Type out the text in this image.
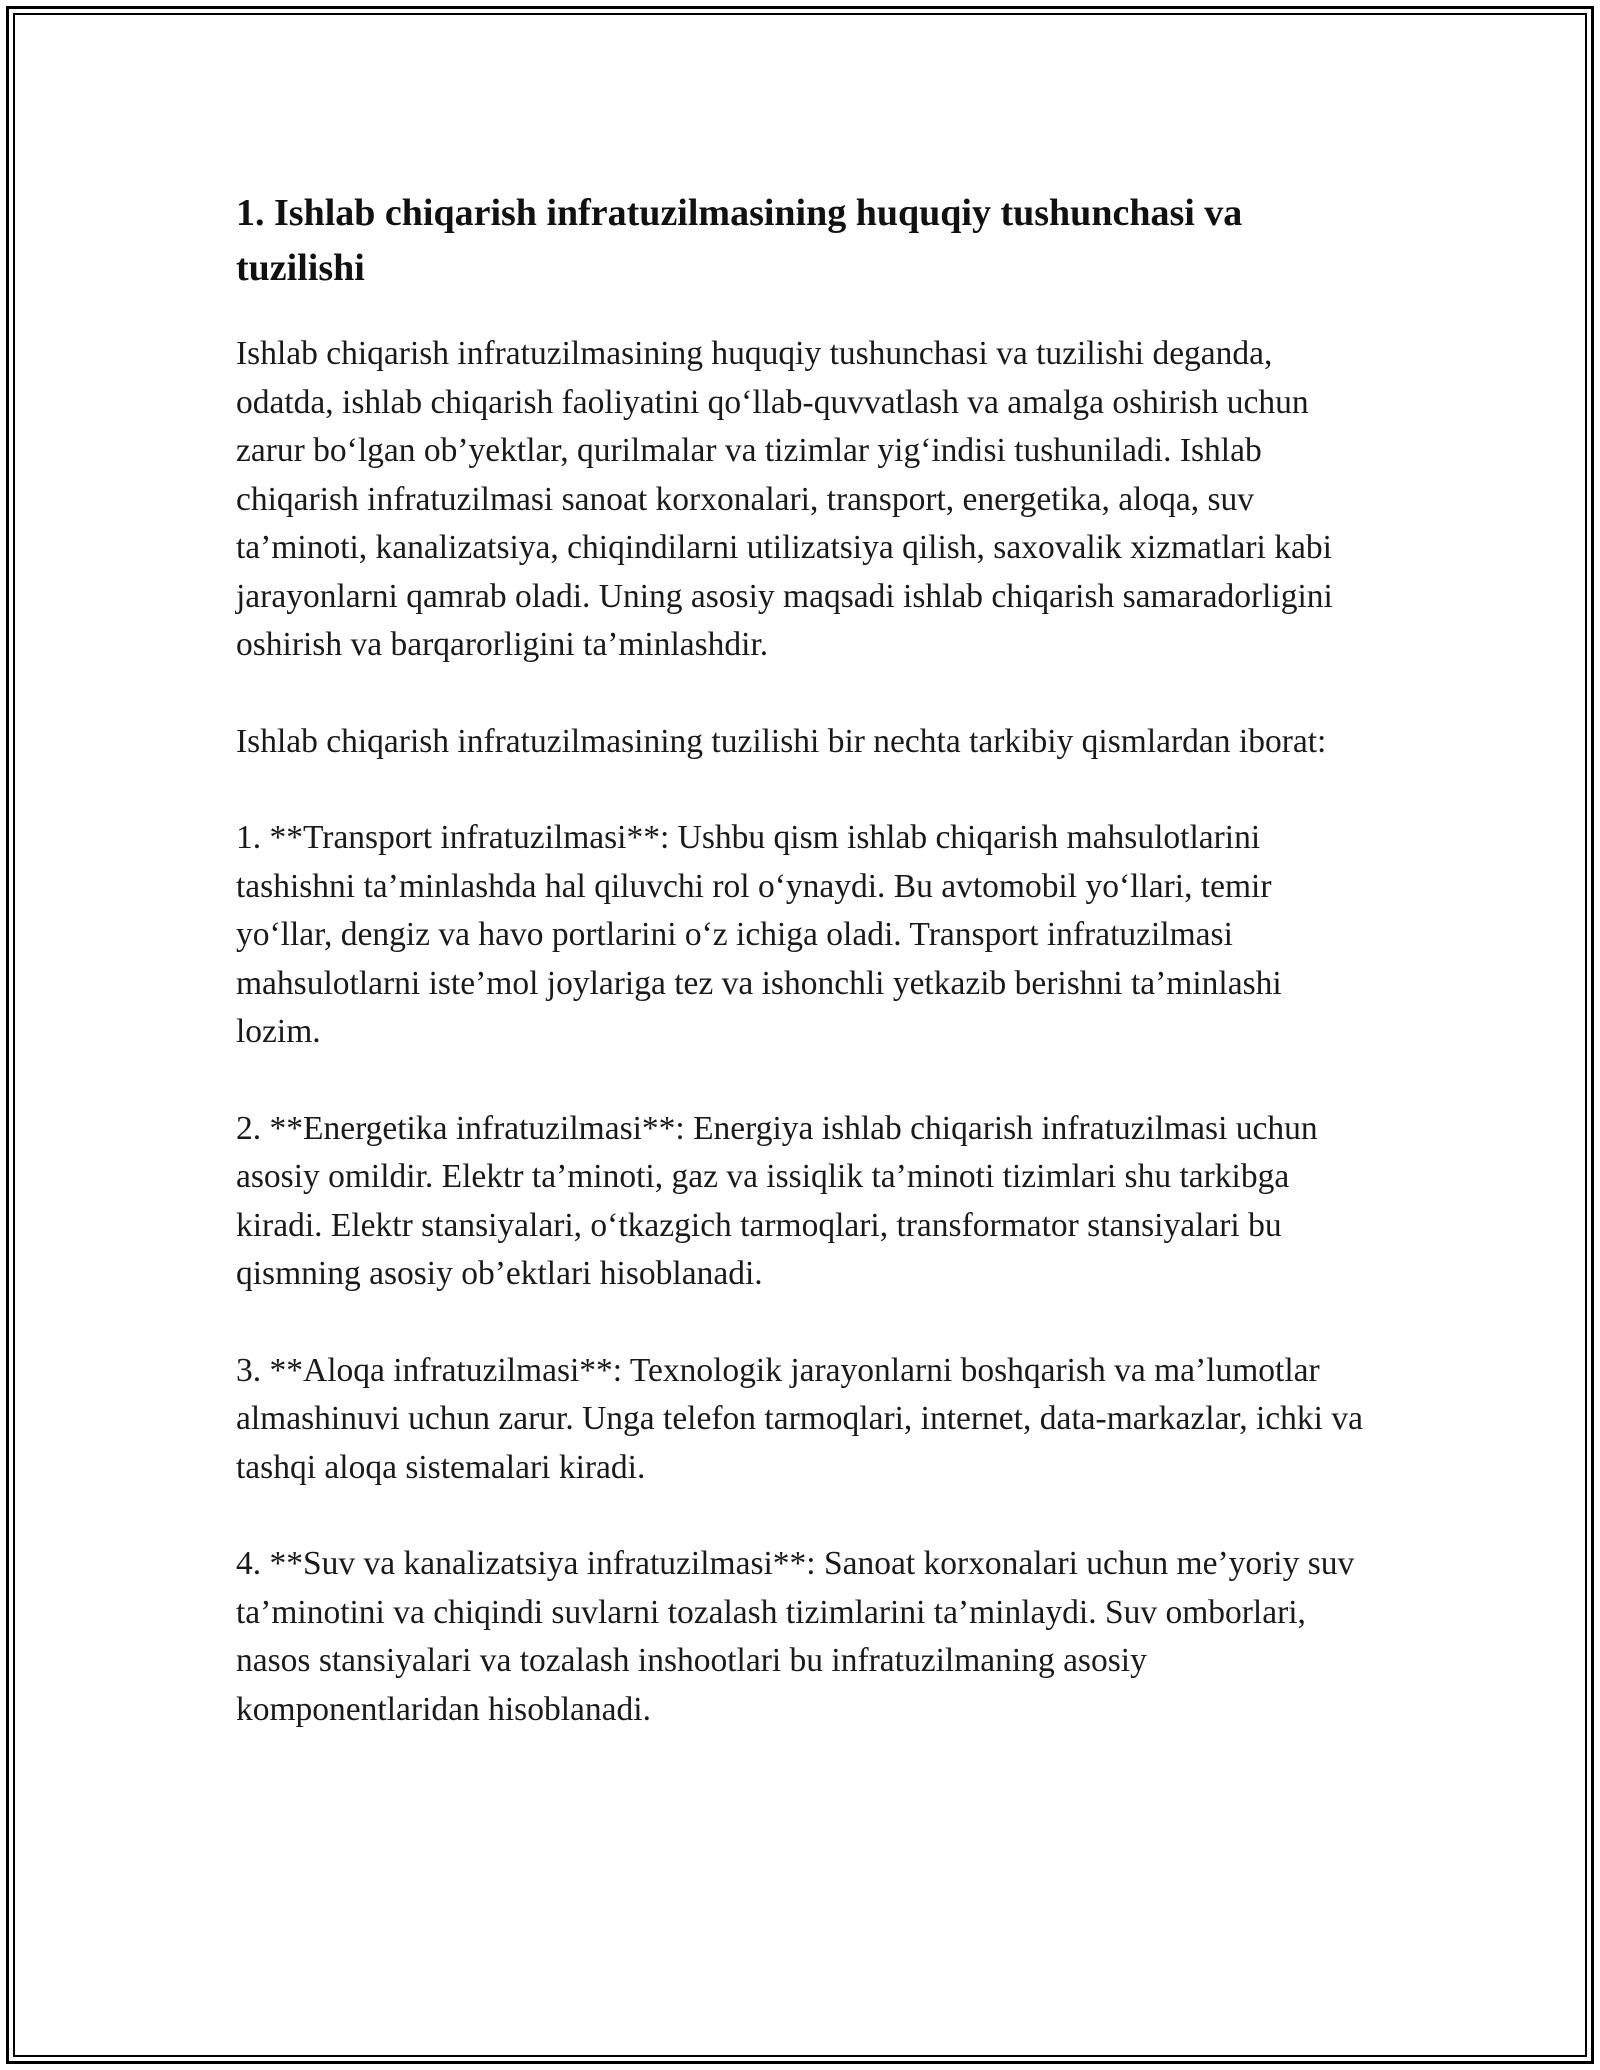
1. Ishlab chiqarish infratuzilmasining huquqiy tushunchasi va tuzilishi

Ishlab chiqarish infratuzilmasining huquqiy tushunchasi va tuzilishi deganda, odatda, ishlab chiqarish faoliyatini qo‘llab-quvvatlash va amalga oshirish uchun zarur bo‘lgan ob’yektlar, qurilmalar va tizimlar yig‘indisi tushuniladi. Ishlab chiqarish infratuzilmasi sanoat korxonalari, transport, energetika, aloqa, suv ta’minoti, kanalizatsiya, chiqindilarni utilizatsiya qilish, saxovalik xizmatlari kabi jarayonlarni qamrab oladi. Uning asosiy maqsadi ishlab chiqarish samaradorligini oshirish va barqarorligini ta’minlashdir.

Ishlab chiqarish infratuzilmasining tuzilishi bir nechta tarkibiy qismlardan iborat:

1. **Transport infratuzilmasi**: Ushbu qism ishlab chiqarish mahsulotlarini tashishni ta’minlashda hal qiluvchi rol o‘ynaydi. Bu avtomobil yo‘llari, temir yo‘llar, dengiz va havo portlarini o‘z ichiga oladi. Transport infratuzilmasi mahsulotlarni iste’mol joylariga tez va ishonchli yetkazib berishni ta’minlashi lozim.

2. **Energetika infratuzilmasi**: Energiya ishlab chiqarish infratuzilmasi uchun asosiy omildir. Elektr ta’minoti, gaz va issiqlik ta’minoti tizimlari shu tarkibga kiradi. Elektr stansiyalari, o‘tkazgich tarmoqlari, transformator stansiyalari bu qismning asosiy ob’ektlari hisoblanadi.

3. **Aloqa infratuzilmasi**: Texnologik jarayonlarni boshqarish va ma’lumotlar almashinuvi uchun zarur. Unga telefon tarmoqlari, internet, data-markazlar, ichki va tashqi aloqa sistemalari kiradi.

4. **Suv va kanalizatsiya infratuzilmasi**: Sanoat korxonalari uchun me’yoriy suv ta’minotini va chiqindi suvlarni tozalash tizimlarini ta’minlaydi. Suv omborlari, nasos stansiyalari va tozalash inshootlari bu infratuzilmaning asosiy komponentlaridan hisoblanadi.
